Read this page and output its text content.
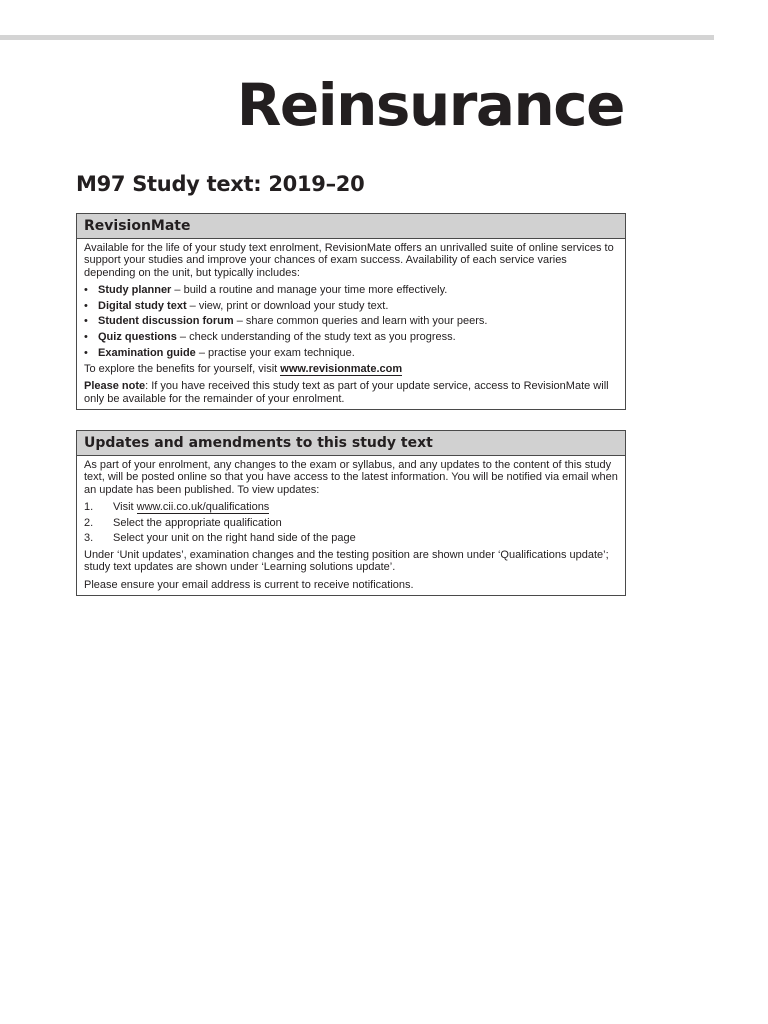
Reinsurance
M97 Study text: 2019–20
RevisionMate

Available for the life of your study text enrolment, RevisionMate offers an unrivalled suite of online services to support your studies and improve your chances of exam success. Availability of each service varies depending on the unit, but typically includes:

• Study planner – build a routine and manage your time more effectively.
• Digital study text – view, print or download your study text.
• Student discussion forum – share common queries and learn with your peers.
• Quiz questions – check understanding of the study text as you progress.
• Examination guide – practise your exam technique.

To explore the benefits for yourself, visit www.revisionmate.com

Please note: If you have received this study text as part of your update service, access to RevisionMate will only be available for the remainder of your enrolment.

Updates and amendments to this study text

As part of your enrolment, any changes to the exam or syllabus, and any updates to the content of this study text, will be posted online so that you have access to the latest information. You will be notified via email when an update has been published. To view updates:

1. Visit www.cii.co.uk/qualifications
2. Select the appropriate qualification
3. Select your unit on the right hand side of the page

Under ‘Unit updates’, examination changes and the testing position are shown under ‘Qualifications update’; study text updates are shown under ‘Learning solutions update’.

Please ensure your email address is current to receive notifications.
